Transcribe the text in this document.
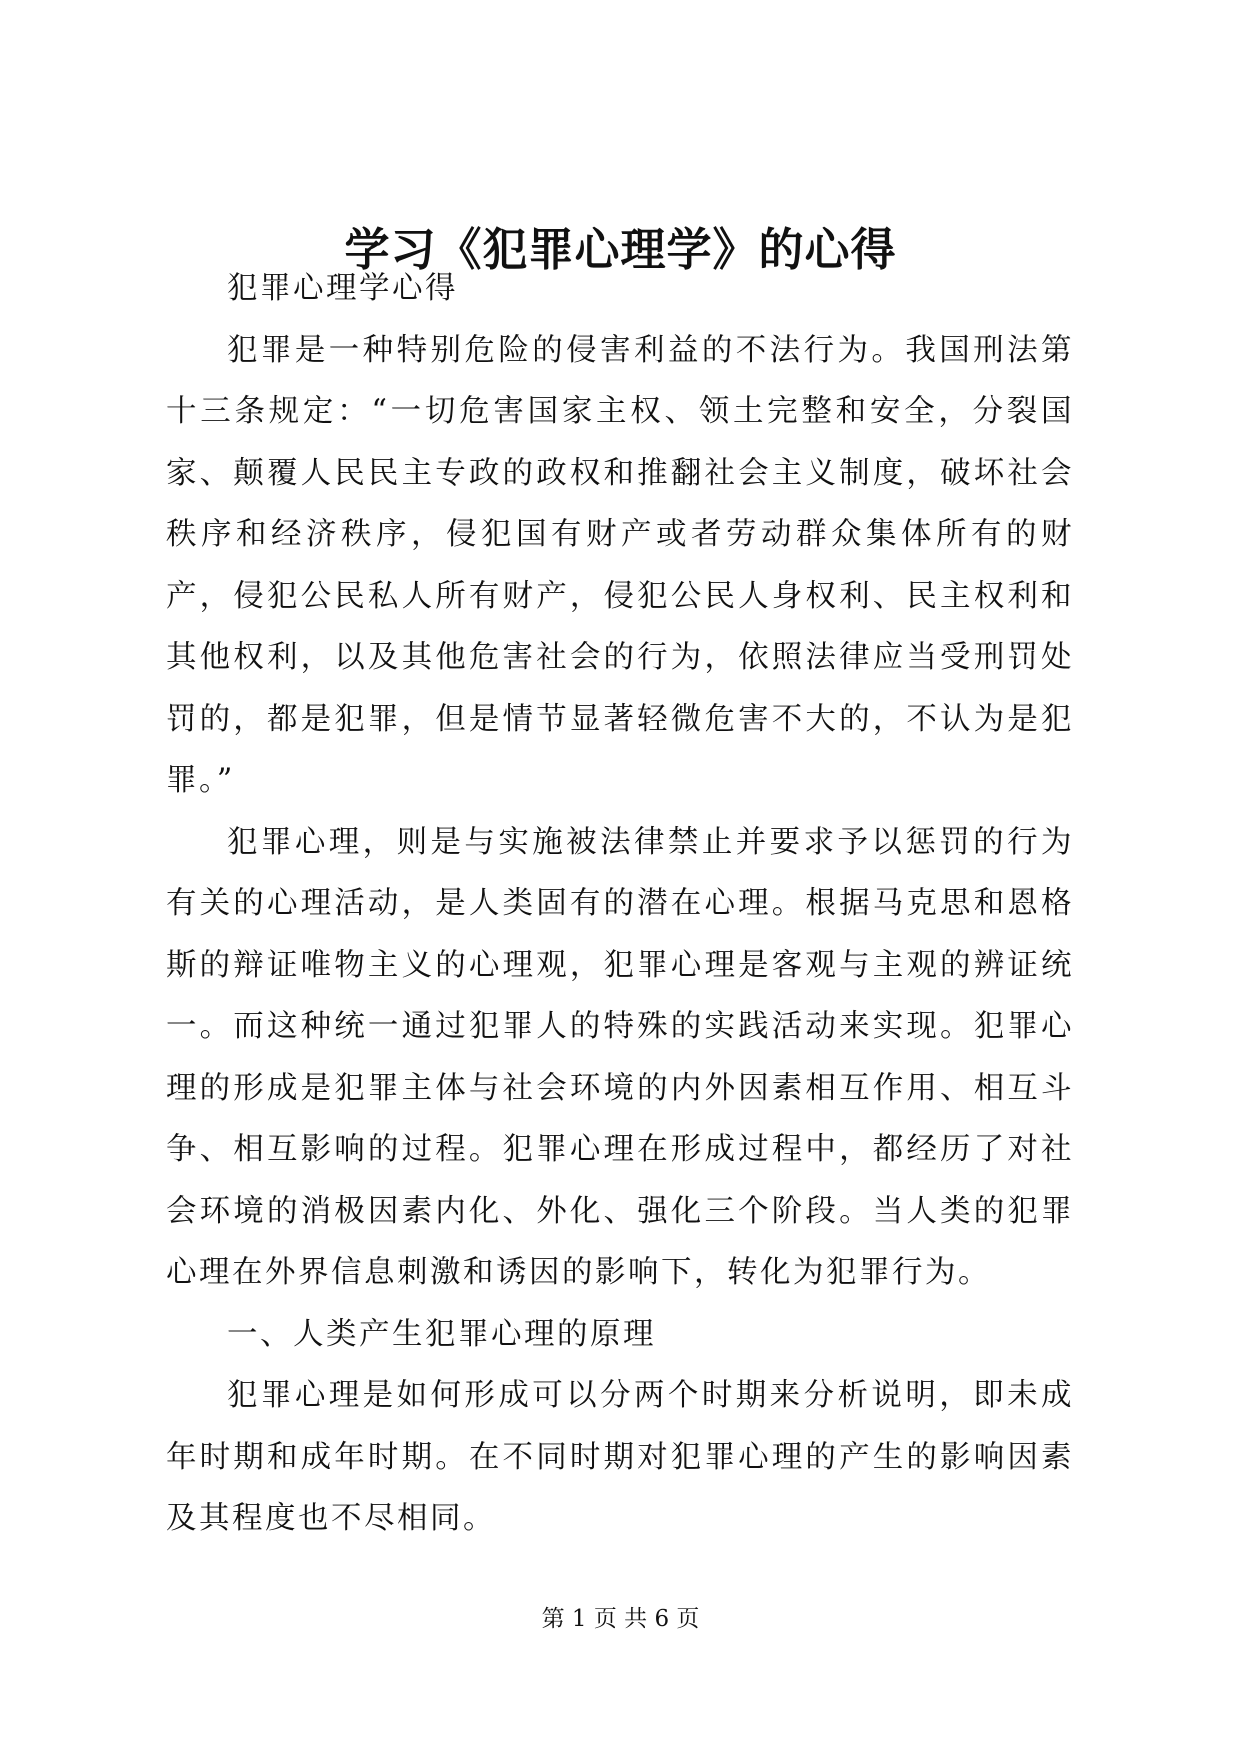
学习《犯罪心理学》的心得

犯罪心理学心得

犯罪是一种特别危险的侵害利益的不法行为。我国刑法第十三条规定：“一切危害国家主权、领土完整和安全，分裂国家、颠覆人民民主专政的政权和推翻社会主义制度，破坏社会秩序和经济秩序，侵犯国有财产或者劳动群众集体所有的财产，侵犯公民私人所有财产，侵犯公民人身权利、民主权利和其他权利，以及其他危害社会的行为，依照法律应当受刑罚处罚的，都是犯罪，但是情节显著轻微危害不大的，不认为是犯罪。”

犯罪心理，则是与实施被法律禁止并要求予以惩罚的行为有关的心理活动，是人类固有的潜在心理。根据马克思和恩格斯的辩证唯物主义的心理观，犯罪心理是客观与主观的辨证统一。而这种统一通过犯罪人的特殊的实践活动来实现。犯罪心理的形成是犯罪主体与社会环境的内外因素相互作用、相互斗争、相互影响的过程。犯罪心理在形成过程中，都经历了对社会环境的消极因素内化、外化、强化三个阶段。当人类的犯罪心理在外界信息刺激和诱因的影响下，转化为犯罪行为。

一、人类产生犯罪心理的原理

犯罪心理是如何形成可以分两个时期来分析说明，即未成年时期和成年时期。在不同时期对犯罪心理的产生的影响因素及其程度也不尽相同。

第 1 页 共 6 页
